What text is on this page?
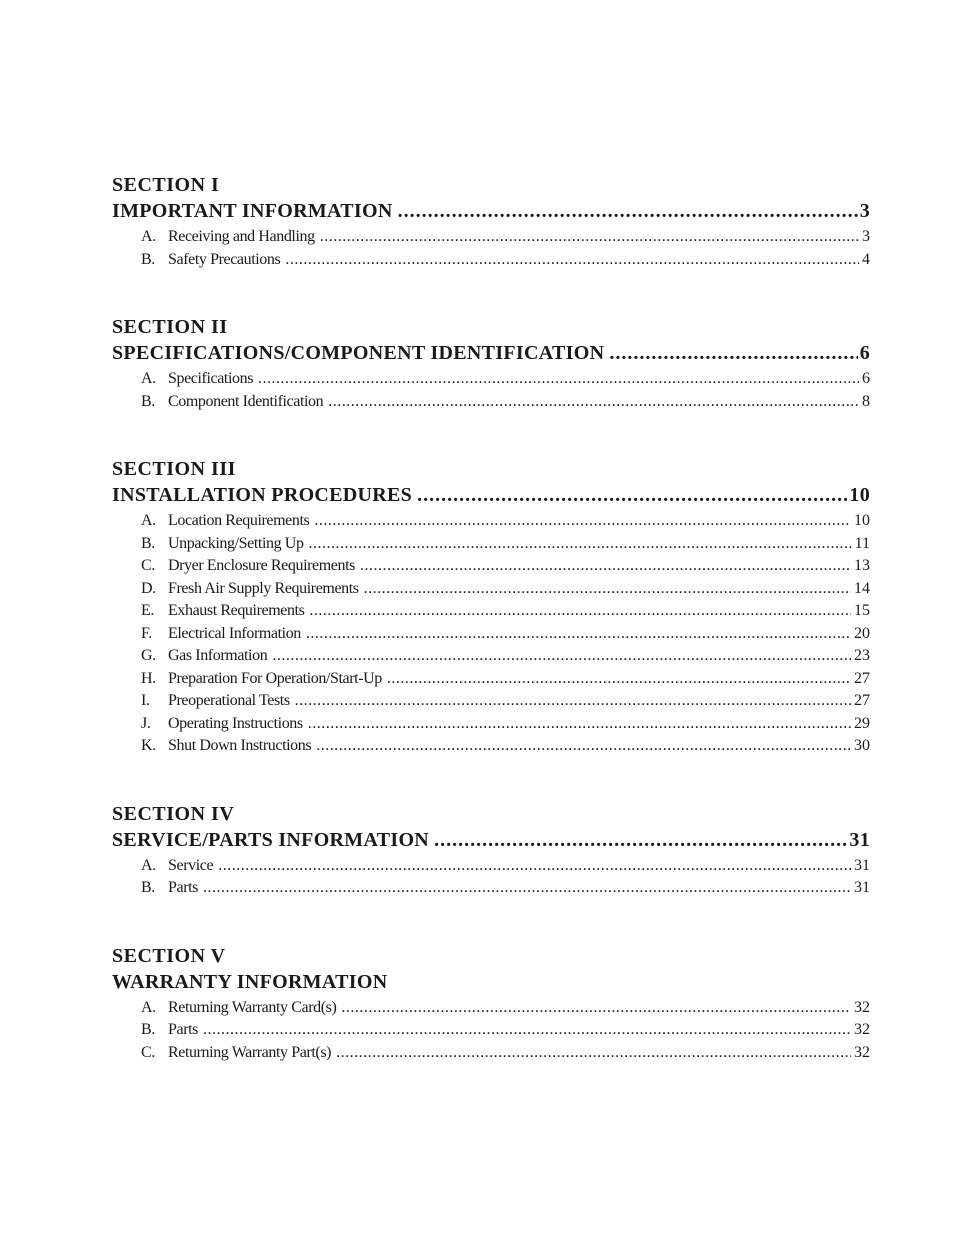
SECTION I
IMPORTANT INFORMATION .....	3
A. Receiving and Handling .....	3
B. Safety Precautions .....	4
SECTION II
SPECIFICATIONS/COMPONENT IDENTIFICATION .....	6
A. Specifications .....	6
B. Component Identification .....	8
SECTION III
INSTALLATION PROCEDURES .....	10
A. Location Requirements .....	10
B. Unpacking/Setting Up .....	11
C. Dryer Enclosure Requirements .....	13
D. Fresh Air Supply Requirements .....	14
E. Exhaust Requirements .....	15
F.	Electrical Information .....	20
G. Gas Information .....	23
H. Preparation For Operation/Start-Up .....	27
I.	Preoperational Tests .....	27
J.	Operating Instructions .....	29
K. Shut Down Instructions .....	30
SECTION IV
SERVICE/PARTS INFORMATION .....	31
A. Service .....	31
B. Parts .....	31
SECTION V
WARRANTY INFORMATION
A. Returning Warranty Card(s) .....	32
B. Parts .....	32
C. Returning Warranty Part(s) .....	32
